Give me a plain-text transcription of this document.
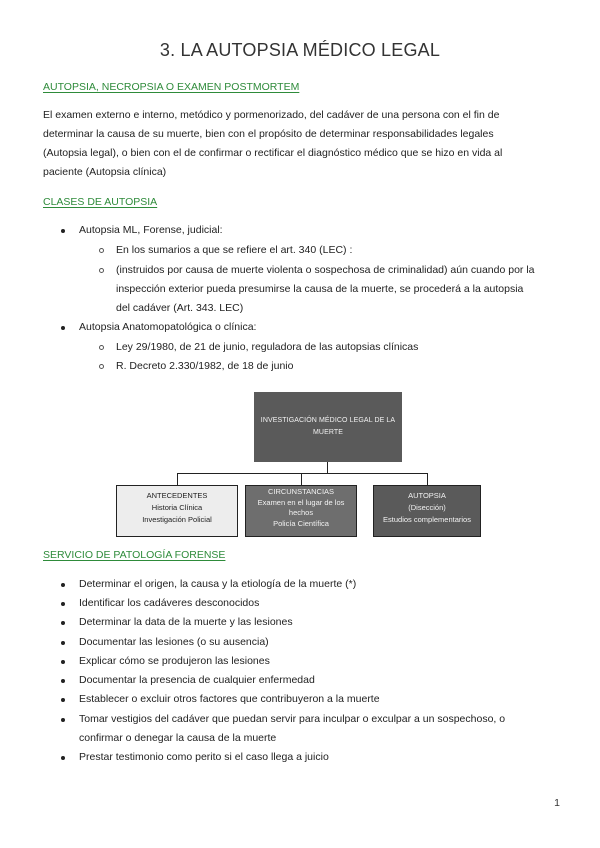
3. LA AUTOPSIA MÉDICO LEGAL
AUTOPSIA, NECROPSIA O EXAMEN POSTMORTEM
El examen externo e interno, metódico y pormenorizado, del cadáver de una persona con el fin de
determinar la causa de su muerte, bien con el propósito de determinar responsabilidades legales
(Autopsia legal), o bien con el de confirmar o rectificar el diagnóstico médico que se hizo en vida al
paciente (Autopsia clínica)
CLASES DE AUTOPSIA
Autopsia ML, Forense, judicial:
En los sumarios a que se refiere el art. 340 (LEC) :
(instruidos por causa de muerte violenta o sospechosa de criminalidad) aún cuando por la
inspección exterior pueda presumirse la causa de la muerte, se procederá a la autopsia
del cadáver (Art. 343. LEC)
Autopsia Anatomopatológica o clínica:
Ley 29/1980, de 21 de junio, reguladora de las autopsias clínicas
R. Decreto 2.330/1982, de 18 de junio
INVESTIGACIÓN MÉDICO LEGAL DE LA MUERTE
ANTECEDENTES
Historia Clínica
Investigación Policial
CIRCUNSTANCIAS
Examen en el lugar de los
hechos
Policía Científica
AUTOPSIA
(Disección)
Estudios complementarios
SERVICIO DE PATOLOGÍA FORENSE
Determinar el origen, la causa y la etiología de la muerte (*)
Identificar los cadáveres desconocidos
Determinar la data de la muerte y las lesiones
Documentar las lesiones (o su ausencia)
Explicar cómo se produjeron las lesiones
Documentar la presencia de cualquier enfermedad
Establecer o excluir otros factores que contribuyeron a la muerte
Tomar vestigios del cadáver que puedan servir para inculpar o exculpar a un sospechoso, o
confirmar o denegar la causa de la muerte
Prestar testimonio como perito si el caso llega a juicio
1
